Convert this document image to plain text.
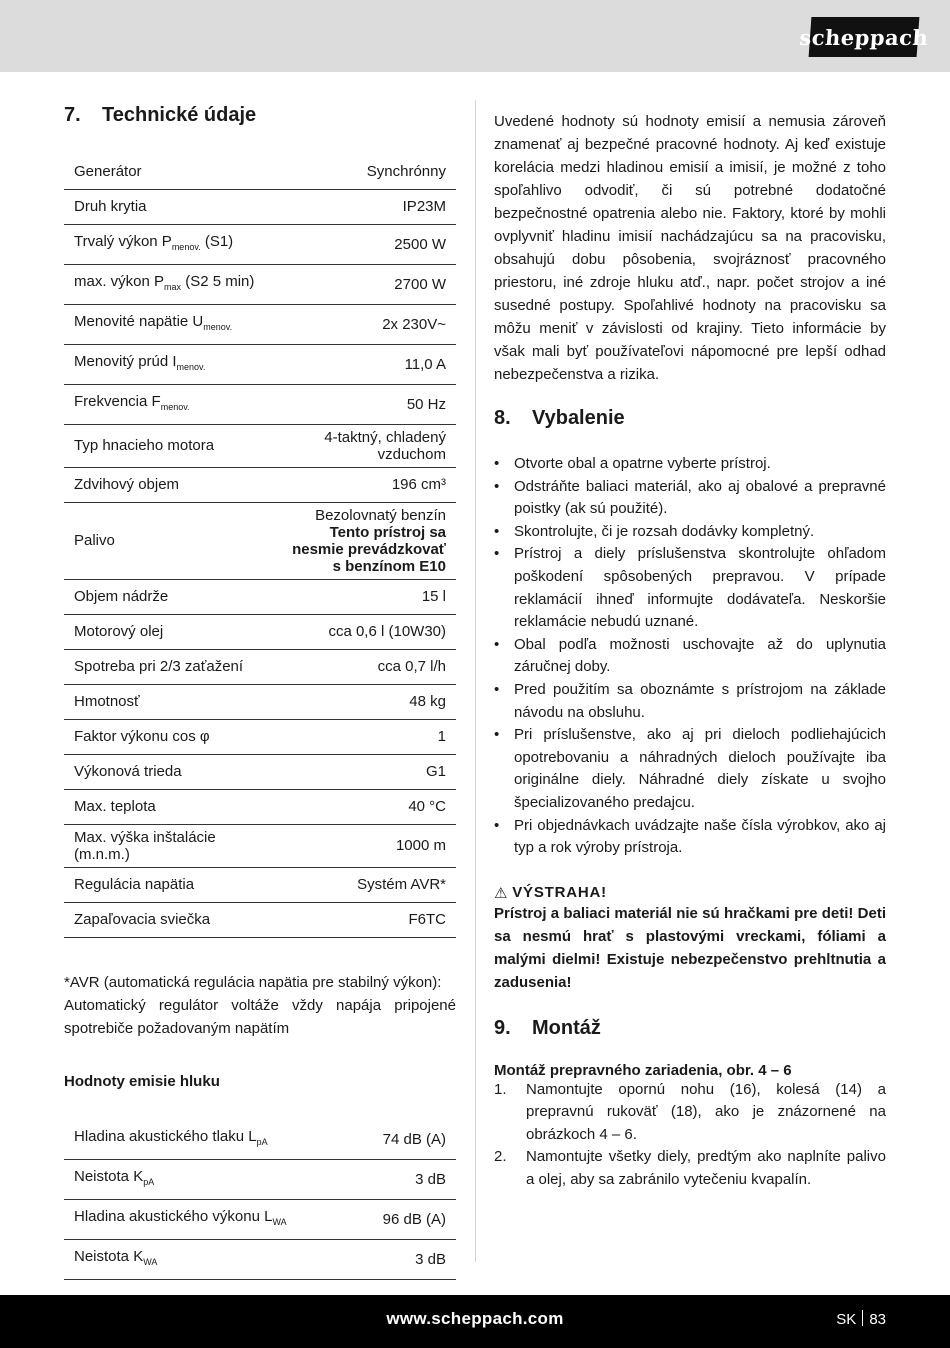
scheppach
7.	Technické údaje
Generátor	Synchrónny
Druh krytia	IP23M
Trvalý výkon $P_{menov.}$ (S1)	2500 W
max. výkon $P_{max}$ (S2 5 min)	2700 W
Menovité napätie $U_{menov.}$	2x 230V~
Menovitý prúd $I_{menov.}$	11,0 A
Frekvencia $F_{menov.}$	50 Hz
Typ hnacieho motora	4-taktný, chladený
vzduchom
Zdvihový objem	196 cm³
Palivo	Bezolovnatý benzín
Tento prístroj sa
nesmie prevádzkovať
s benzínom E10
Objem nádrže	15 l
Motorový olej	cca 0,6 l (10W30)
Spotreba pri 2/3 zaťažení	cca 0,7 l/h
Hmotnosť	48 kg
Faktor výkonu cos φ	1
Výkonová trieda	G1
Max. teplota	40 °C
Max. výška inštalácie
(m.n.m.)	1000 m
Regulácia napätia	Systém AVR*
Zapaľovacia sviečka	F6TC

*AVR (automatická regulácia napätia pre stabilný výkon):

Automatický regulátor voltáže vždy napája pripojené spotrebiče požadovaným napätím

Hodnoty emisie hluku

Hladina akustického tlaku $L_{pA}$	74 dB (A)
Neistota $K_{pA}$	3 dB
Hladina akustického výkonu $L_{WA}$	96 dB (A)
Neistota $K_{WA}$	3 dB

Uvedené hodnoty sú hodnoty emisií a nemusia zároveň znamenať aj bezpečné pracovné hodnoty. Aj keď existuje korelácia medzi hladinou emisií a imisií, je možné z toho spoľahlivo odvodiť, či sú potrebné dodatočné bezpečnostné opatrenia alebo nie. Faktory, ktoré by mohli ovplyvniť hladinu imisií nachádzajúcu sa na pracovisku, obsahujú dobu pôsobenia, svojráznosť pracovného priestoru, iné zdroje hluku atď., napr. počet strojov a iné susedné postupy. Spoľahlivé hodnoty na pracovisku sa môžu meniť v závislosti od krajiny. Tieto informácie by však mali byť používateľovi nápomocné pre lepší odhad nebezpečenstva a rizika.

8.	Vybalenie
• Otvorte obal a opatrne vyberte prístroj.
• Odstráňte baliaci materiál, ako aj obalové a prepravné poistky (ak sú použité).
• Skontrolujte, či je rozsah dodávky kompletný.
• Prístroj a diely príslušenstva skontrolujte ohľadom poškodení spôsobených prepravou. V prípade reklamácií ihneď informujte dodávateľa. Neskoršie reklamácie nebudú uznané.
• Obal podľa možnosti uschovajte až do uplynutia záručnej doby.
• Pred použitím sa oboznámte s prístrojom na základe návodu na obsluhu.
• Pri príslušenstve, ako aj pri dieloch podliehajúcich opotrebovaniu a náhradných dieloch používajte iba originálne diely. Náhradné diely získate u svojho špecializovaného predajcu.
• Pri objednávkach uvádzajte naše čísla výrobkov, ako aj typ a rok výroby prístroja.
⚠ VÝSTRAHA!

Prístroj a baliaci materiál nie sú hračkami pre deti! Deti sa nesmú hrať s plastovými vreckami, fóliami a malými dielmi! Existuje nebezpečenstvo prehltnutia a zadusenia!

9.	Montáž

Montáž prepravného zariadenia, obr. 4 – 6

1. Namontujte opornú nohu (16), kolesá (14) a prepravnú rukoväť (18), ako je znázornené na obrázkoch 4 – 6.
2. Namontujte všetky diely, predtým ako naplníte palivo a olej, aby sa zabránilo vytečeniu kvapalín.
www.scheppach.com	SK 83
